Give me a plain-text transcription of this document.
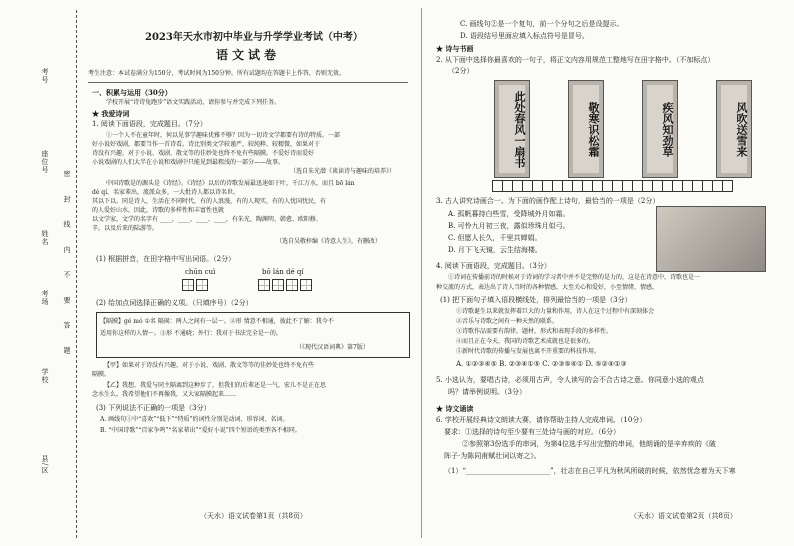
考号
座位号
姓名
考场
学校
县/区
密 封 线 内 不 要 答 题
2023年天水市初中毕业与升学学业考试（中考）
语文试卷
考生注意：本试卷满分为150分，考试时间为150分钟。所有试题均在答题卡上作答，否则无效。
一、积累与运用（30分）
学校开展“诗诗兔跑步”语文实践活动，请你参与并完成下列任务。
★ 我爱诗词
1. 阅读下面语段，完成题目。（7分）
①一个人不在童年时，何以见事学趣味优雅不够？因为一切诗文学都要有诗的特质。一部
好小说好戏剧，都要当作一首诗看。诗比别类文学较谨严，较纯粹、较精微，如果对于
诗没有兴趣，对于小说、戏剧、散文等的佳妙处也终不免有些隔膜。不爱好诗而爱好
小说戏剧的人们大半在小说和戏剧中只能见到最粗浅的一部分——故事。
（选自朱光潜《谈读诗与趣味的培养》）
中国诗歌是的源头是《诗经》。《诗经》以后的诗歌发展最迅速如于叶，千江万水，而且 bō lán
dé qí，名家辈出，流派众多，一大批诗人都以诗名世。
其以下以。同是诗人，生活在不同时代，有的人浪漫，有的人现实，有的人忧国忧民，有
的人爱好山水，因此，诗歌的多样性和丰富性也就
以文学家，文学的名字有 ____，____、____、____，有朱光、陶渊明、韩愈、欧阳修、
辛，以及后来的陆游等。
（选自吴敬梓编《诗意人生》，有删改）
(1) 根据拼音，在田字格中写出词语。（2分）
chūn cuì	bō lán dé qí
(2) 给加点词选择正确的义项。（只填序号）（2分）
【隔膜】gé mó ①名 隔阂：两人之间有一层～。②形 情意不相通，彼此不了解：我今不
适用你这样的人情～。③形 不通晓；外行：我对于书法完全是～的。
（《现代汉语词典》第7版）
【甲】如果对于诗没有兴趣，对于小说、戏剧、散文等等的佳妙处也终不免有些
隔膜。
【乙】我想，我爱与同主隔离到这种步了，但我们的后辈还是一气，宏儿不是正在思
念水生么。我希望他们不再像我，又大家隔膜起来……
(3) 下列说法不正确的一项是（3分）
A. 画线句①中“喜欢”“低下”“特质”的词性分别是动词、形容词、名词。
B. “中国诗歌”“百家争鸣”“名家辈出”“爱好小说”四个短语的类型各不相同。
（天水）语文试卷第1页（共8页）
C. 画线句②是一个复句，前一个分句之后是设提示。
D. 语段结号里面应填入标点符号是冒号。
★ 诗与书画
2. 从下面中选择你最喜欢的一句子，将正文内容用规范工整地写在田字格中。（不加标点）
（2分）
此处春风一扇书	敬寒识松霜	疾风知劲草	风吹送雪来
3. 古人讲究诗画合一。为下面的画作配上诗句，最恰当的一项是（2分）
A. 孤帆暮持白些雪，受降城外月如霜。
B. 可怜九月初三夜，露似珍珠月似弓。
C. 但愿人长久，千里共婵娟。
D. 月下飞天镜，云生结海楼。
4. 阅读下面语段，完成题目。（3分）
①诗词在传播前诗的时候对于诗词的学习者中并不是完整的是力的，这是在诗意中，诗歌也是一
种交流的方式，表达出了诗人当时的各种情感，大至关心和爱好，小至情绪、情感，
(1) 把下面句子填入语段横线处，排列最恰当的一项是（3分）
①诗歌诞生以来就发挥着巨大的力量和作用，诗人在这个过程中有深刻体会
②音乐与诗歌之间有一种天然的联系。
③诗歌作品需要有韵律，题材，形式和表现手段的多样性。
④而且正在今天，我国的诗歌艺术成就也是很多的。
⑤新时代诗歌的传播与发展也离不开重要的科技作用。
A. ①②③④⑤ B. ②③④①⑤ C. ②③⑤④① D. ⑤②④①③
5. 小选认为，要唱古诗，必须用古声，令人读写的会不合古诗之意。你同意小选的观点
吗？请举例说明。（3分）
★ 诗文诵读
6. 学校开展经典诗文朗读大赛，请你帮助主持人完成串词。（10分）
要求：①选择的诗句至少要有三处诗与画的对应。（6分）
②参照第3份选手的串词，为第4位选手写出完整的串词，他朗诵的是辛弃疾的《破
阵子·为陈同甫赋壮词以寄之》。
（1）“________________________”，壮志在自己平凡为秋风所破的时候，依然忧念着为天下寒
（天水）语文试卷第2页（共8页）
